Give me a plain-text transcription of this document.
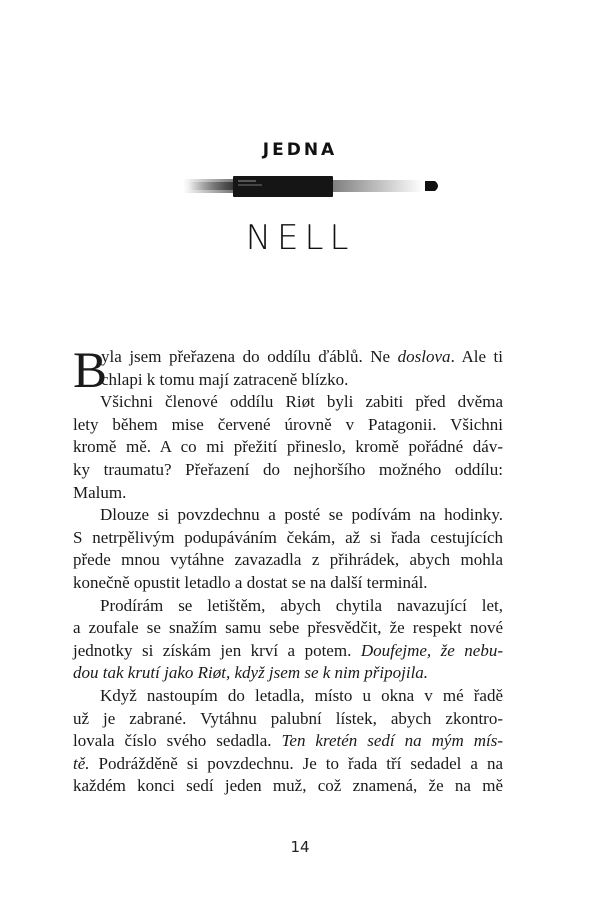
JEDNA
NELL
B
yla jsem přeřazena do oddílu ďáblů. Ne doslova. Ale ti
chlapi k tomu mají zatraceně blízko.
Všichni členové oddílu Riøt byli zabiti před dvěma
lety během mise červené úrovně v Patagonii. Všichni
kromě mě. A co mi přežití přineslo, kromě pořádné dáv-
ky traumatu? Přeřazení do nejhoršího možného oddílu:
Malum.
Dlouze si povzdechnu a posté se podívám na hodinky.
S netrpělivým podupáváním čekám, až si řada cestujících
přede mnou vytáhne zavazadla z přihrádek, abych mohla
konečně opustit letadlo a dostat se na další terminál.
Prodírám se letištěm, abych chytila navazující let,
a zoufale se snažím samu sebe přesvědčit, že respekt nové
jednotky si získám jen krví a potem. Doufejme, že nebu-
dou tak krutí jako Riøt, když jsem se k nim připojila.
Když nastoupím do letadla, místo u okna v mé řadě
už je zabrané. Vytáhnu palubní lístek, abych zkontro-
lovala číslo svého sedadla. Ten kretén sedí na mým mís-
tě. Podrážděně si povzdechnu. Je to řada tří sedadel a na
každém konci sedí jeden muž, což znamená, že na mě
14
